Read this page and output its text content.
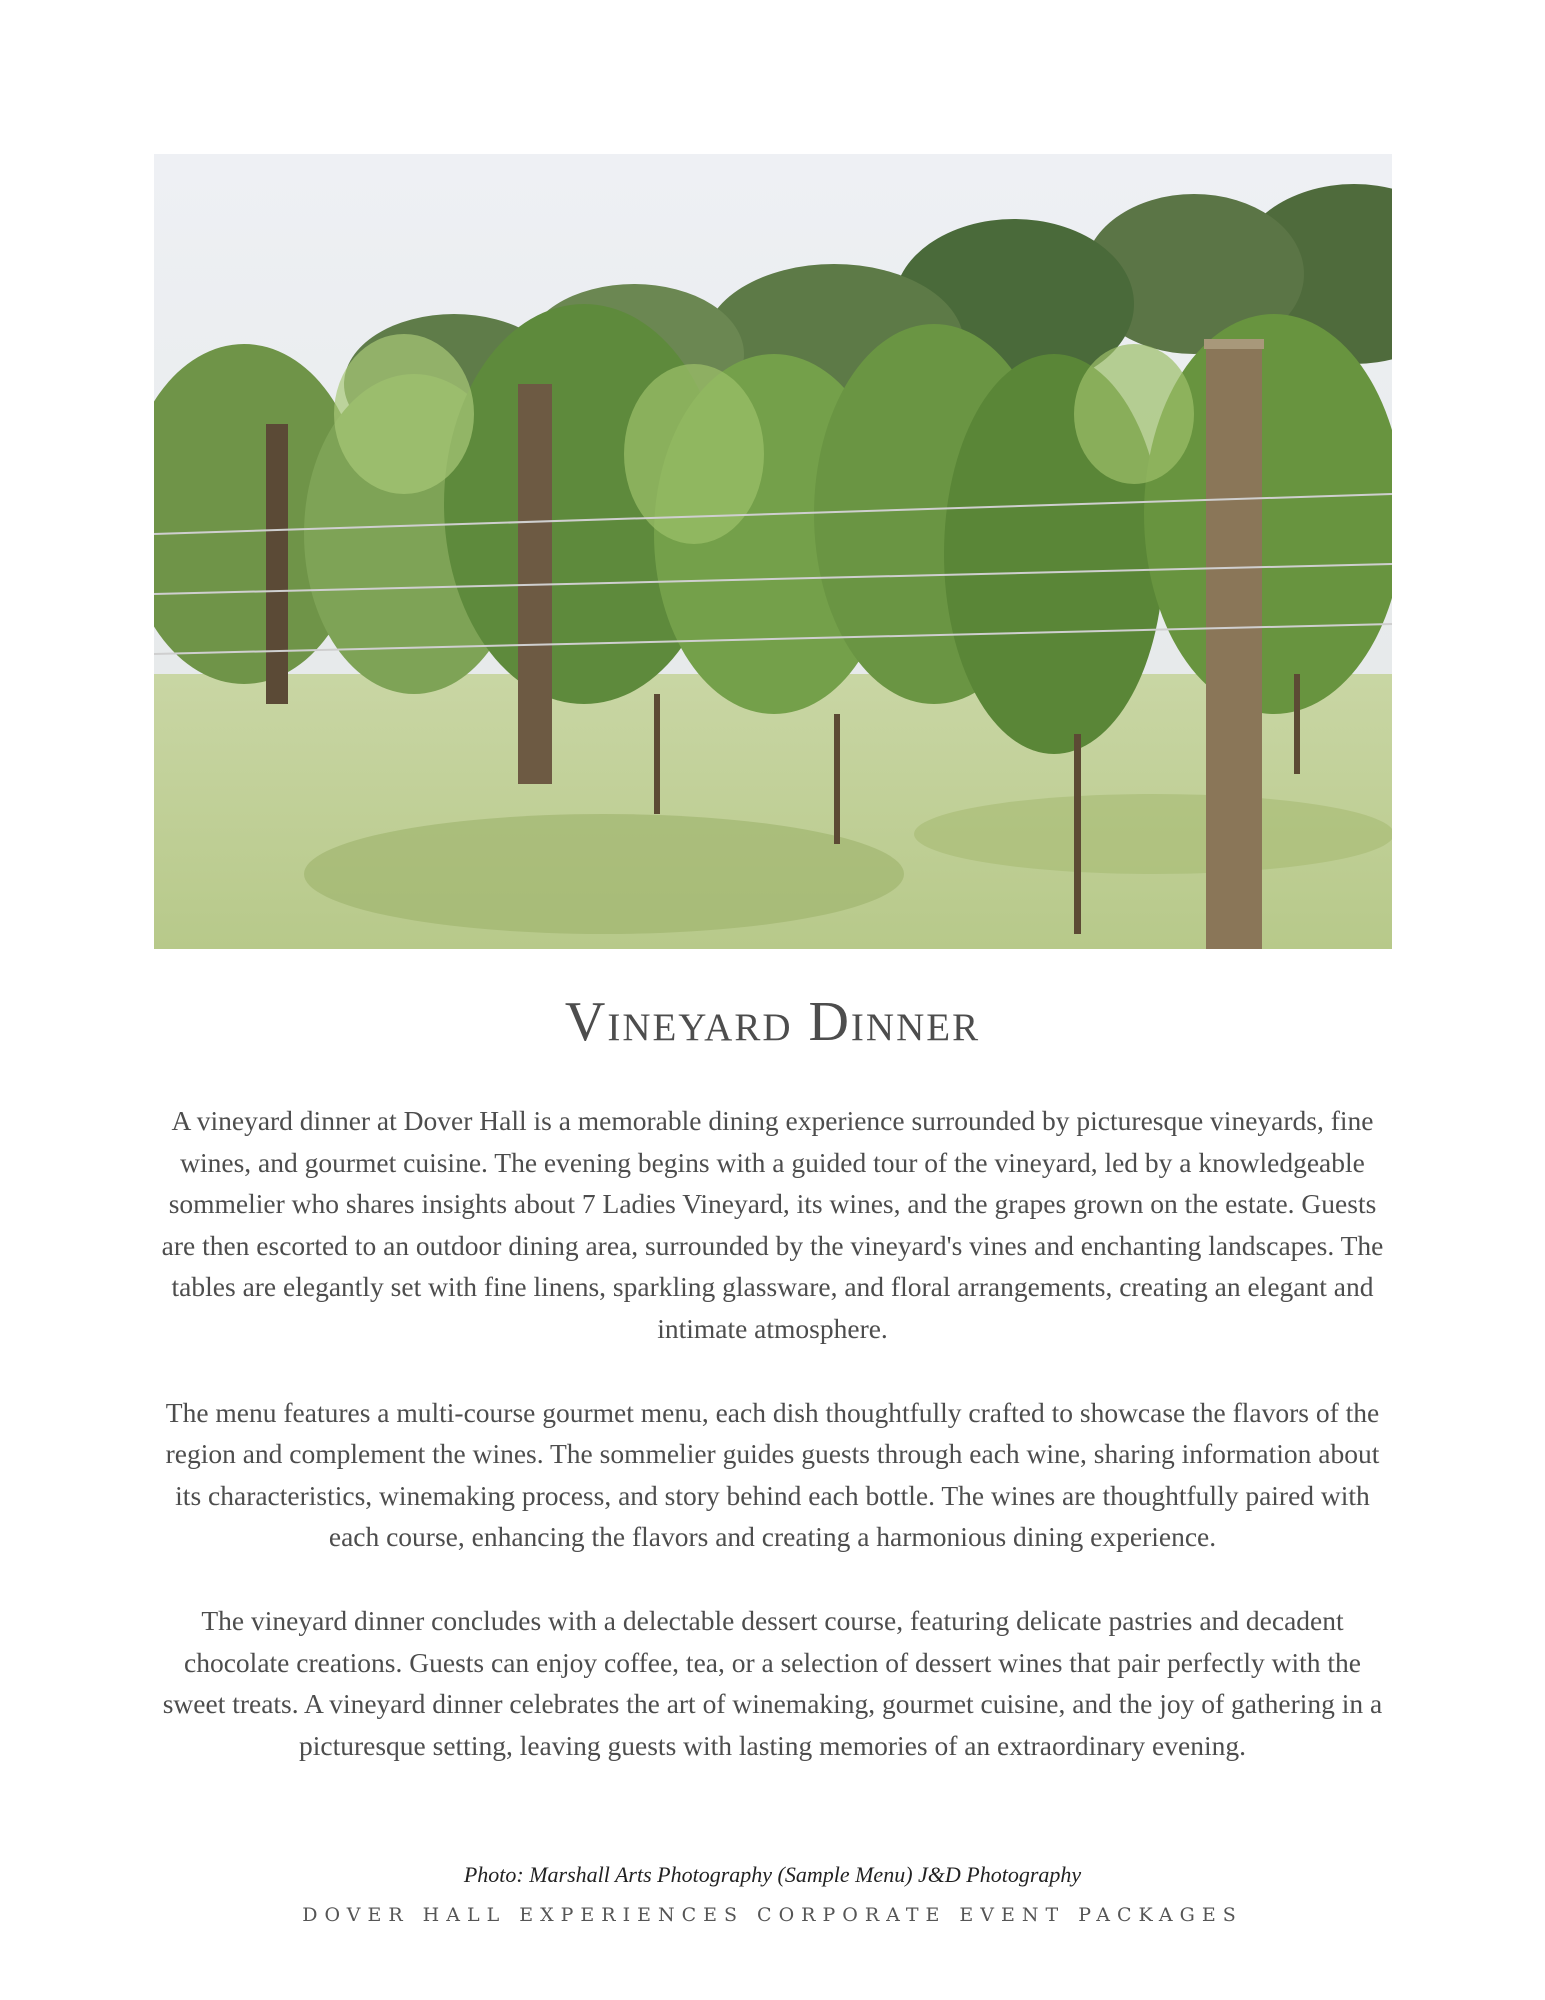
Vineyard Dinner

A vineyard dinner at Dover Hall is a memorable dining experience surrounded by picturesque vineyards, fine wines, and gourmet cuisine. The evening begins with a guided tour of the vineyard, led by a knowledgeable sommelier who shares insights about 7 Ladies Vineyard, its wines, and the grapes grown on the estate. Guests are then escorted to an outdoor dining area, surrounded by the vineyard's vines and enchanting landscapes. The tables are elegantly set with fine linens, sparkling glassware, and floral arrangements, creating an elegant and intimate atmosphere.

The menu features a multi-course gourmet menu, each dish thoughtfully crafted to showcase the flavors of the region and complement the wines. The sommelier guides guests through each wine, sharing information about its characteristics, winemaking process, and story behind each bottle. The wines are thoughtfully paired with each course, enhancing the flavors and creating a harmonious dining experience.

The vineyard dinner concludes with a delectable dessert course, featuring delicate pastries and decadent chocolate creations. Guests can enjoy coffee, tea, or a selection of dessert wines that pair perfectly with the sweet treats. A vineyard dinner celebrates the art of winemaking, gourmet cuisine, and the joy of gathering in a picturesque setting, leaving guests with lasting memories of an extraordinary evening.

Photo: Marshall Arts Photography (Sample Menu) J&D Photography
DOVER HALL EXPERIENCES CORPORATE EVENT PACKAGES
